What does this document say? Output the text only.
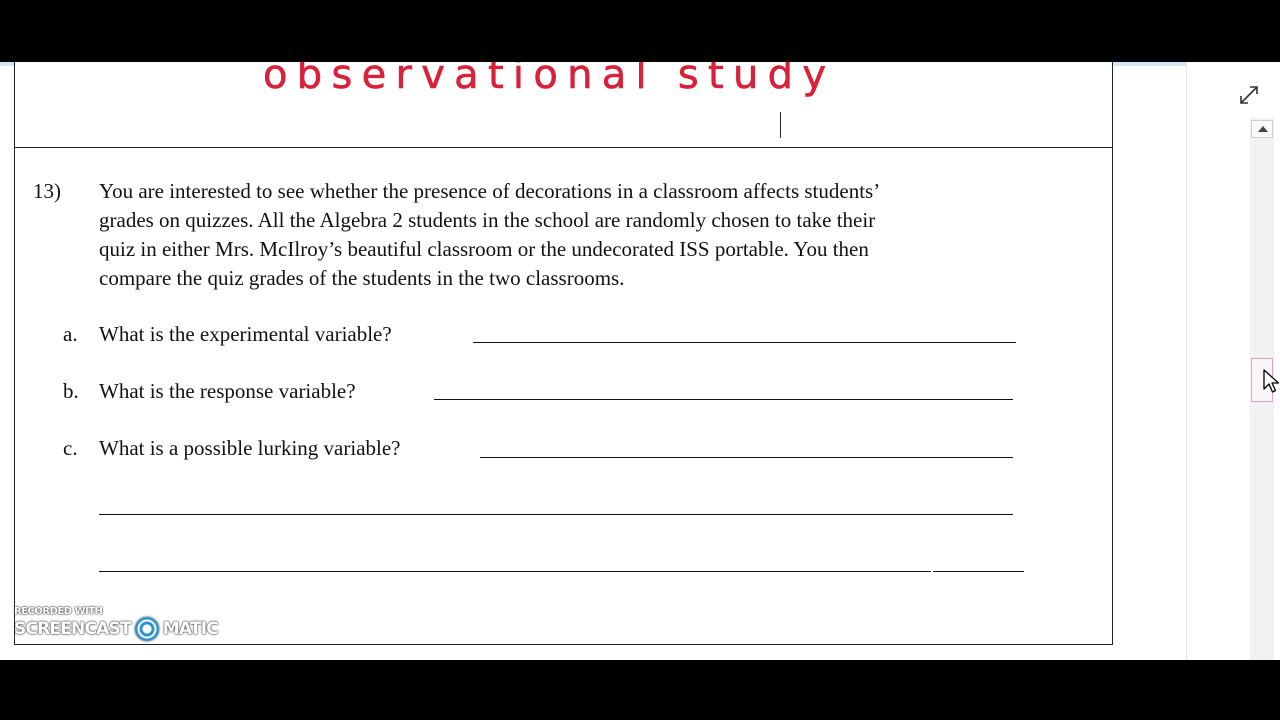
observational study
13) You are interested to see whether the presence of decorations in a classroom affects students’
grades on quizzes. All the Algebra 2 students in the school are randomly chosen to take their
quiz in either Mrs. McIlroy’s beautiful classroom or the undecorated ISS portable. You then
compare the quiz grades of the students in the two classrooms.
a. What is the experimental variable?
b. What is the response variable?
c. What is a possible lurking variable?
RECORDED WITH
SCREENCAST MATIC
